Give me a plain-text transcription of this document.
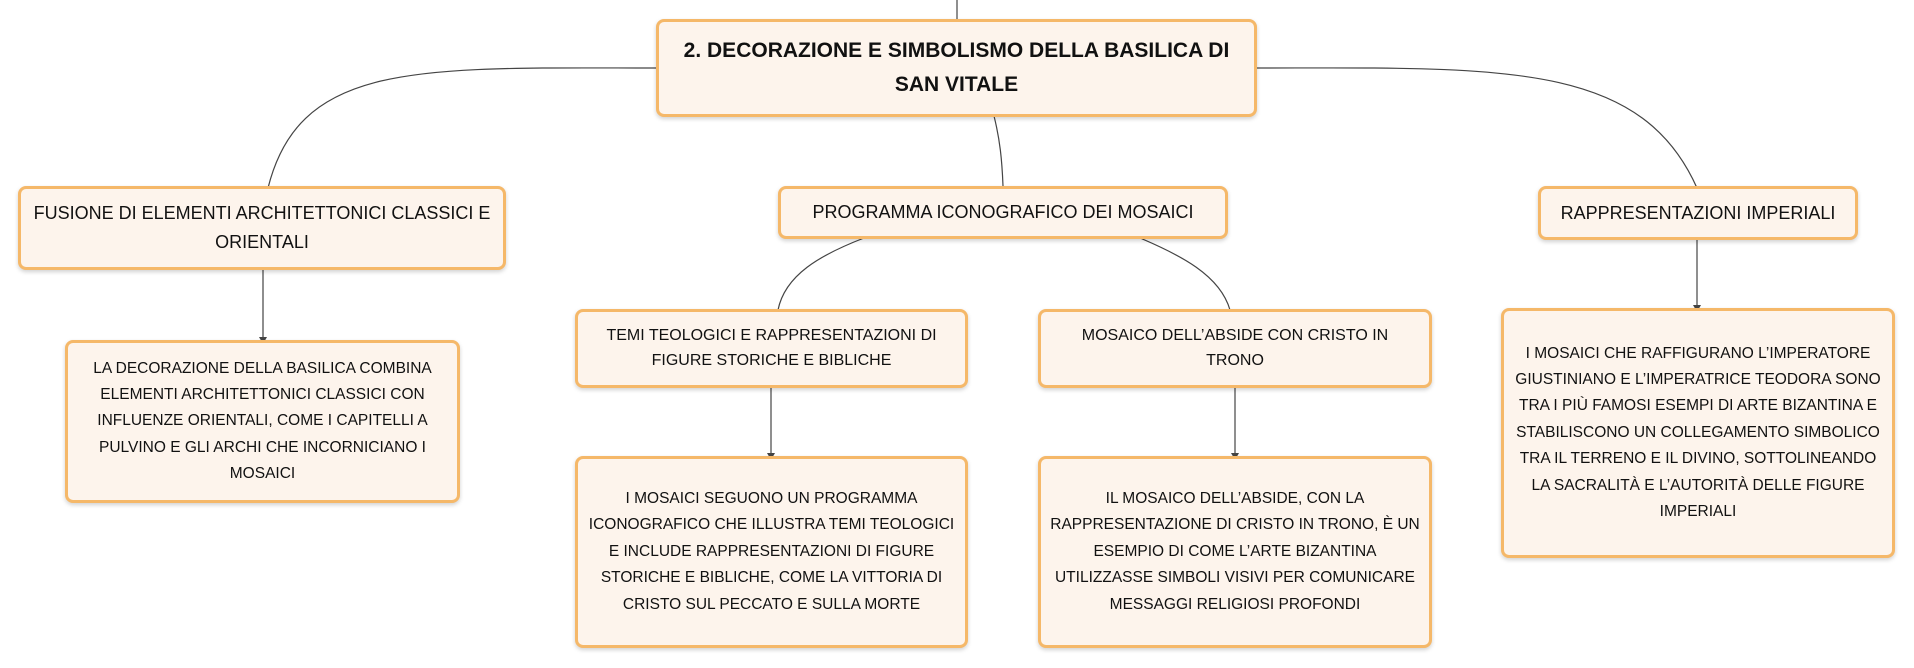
2. DECORAZIONE E SIMBOLISMO DELLA BASILICA DI SAN VITALE
FUSIONE DI ELEMENTI ARCHITETTONICI CLASSICI E ORIENTALI
PROGRAMMA ICONOGRAFICO DEI MOSAICI	RAPPRESENTAZIONI IMPERIALI
LA DECORAZIONE DELLA BASILICA COMBINA ELEMENTI ARCHITETTONICI CLASSICI CON INFLUENZE ORIENTALI, COME I CAPITELLI A PULVINO E GLI ARCHI CHE INCORNICIANO I MOSAICI
TEMI TEOLOGICI E RAPPRESENTAZIONI DI FIGURE STORICHE E BIBLICHE
MOSAICO DELL’ABSIDE CON CRISTO IN TRONO
I MOSAICI SEGUONO UN PROGRAMMA ICONOGRAFICO CHE ILLUSTRA TEMI TEOLOGICI E INCLUDE RAPPRESENTAZIONI DI FIGURE STORICHE E BIBLICHE, COME LA VITTORIA DI CRISTO SUL PECCATO E SULLA MORTE
IL MOSAICO DELL’ABSIDE, CON LA RAPPRESENTAZIONE DI CRISTO IN TRONO, È UN ESEMPIO DI COME L’ARTE BIZANTINA UTILIZZASSE SIMBOLI VISIVI PER COMUNICARE MESSAGGI RELIGIOSI PROFONDI
I MOSAICI CHE RAFFIGURANO L’IMPERATORE GIUSTINIANO E L’IMPERATRICE TEODORA SONO TRA I PIÙ FAMOSI ESEMPI DI ARTE BIZANTINA E STABILISCONO UN COLLEGAMENTO SIMBOLICO TRA IL TERRENO E IL DIVINO, SOTTOLINEANDO LA SACRALITÀ E L’AUTORITÀ DELLE FIGURE IMPERIALI
